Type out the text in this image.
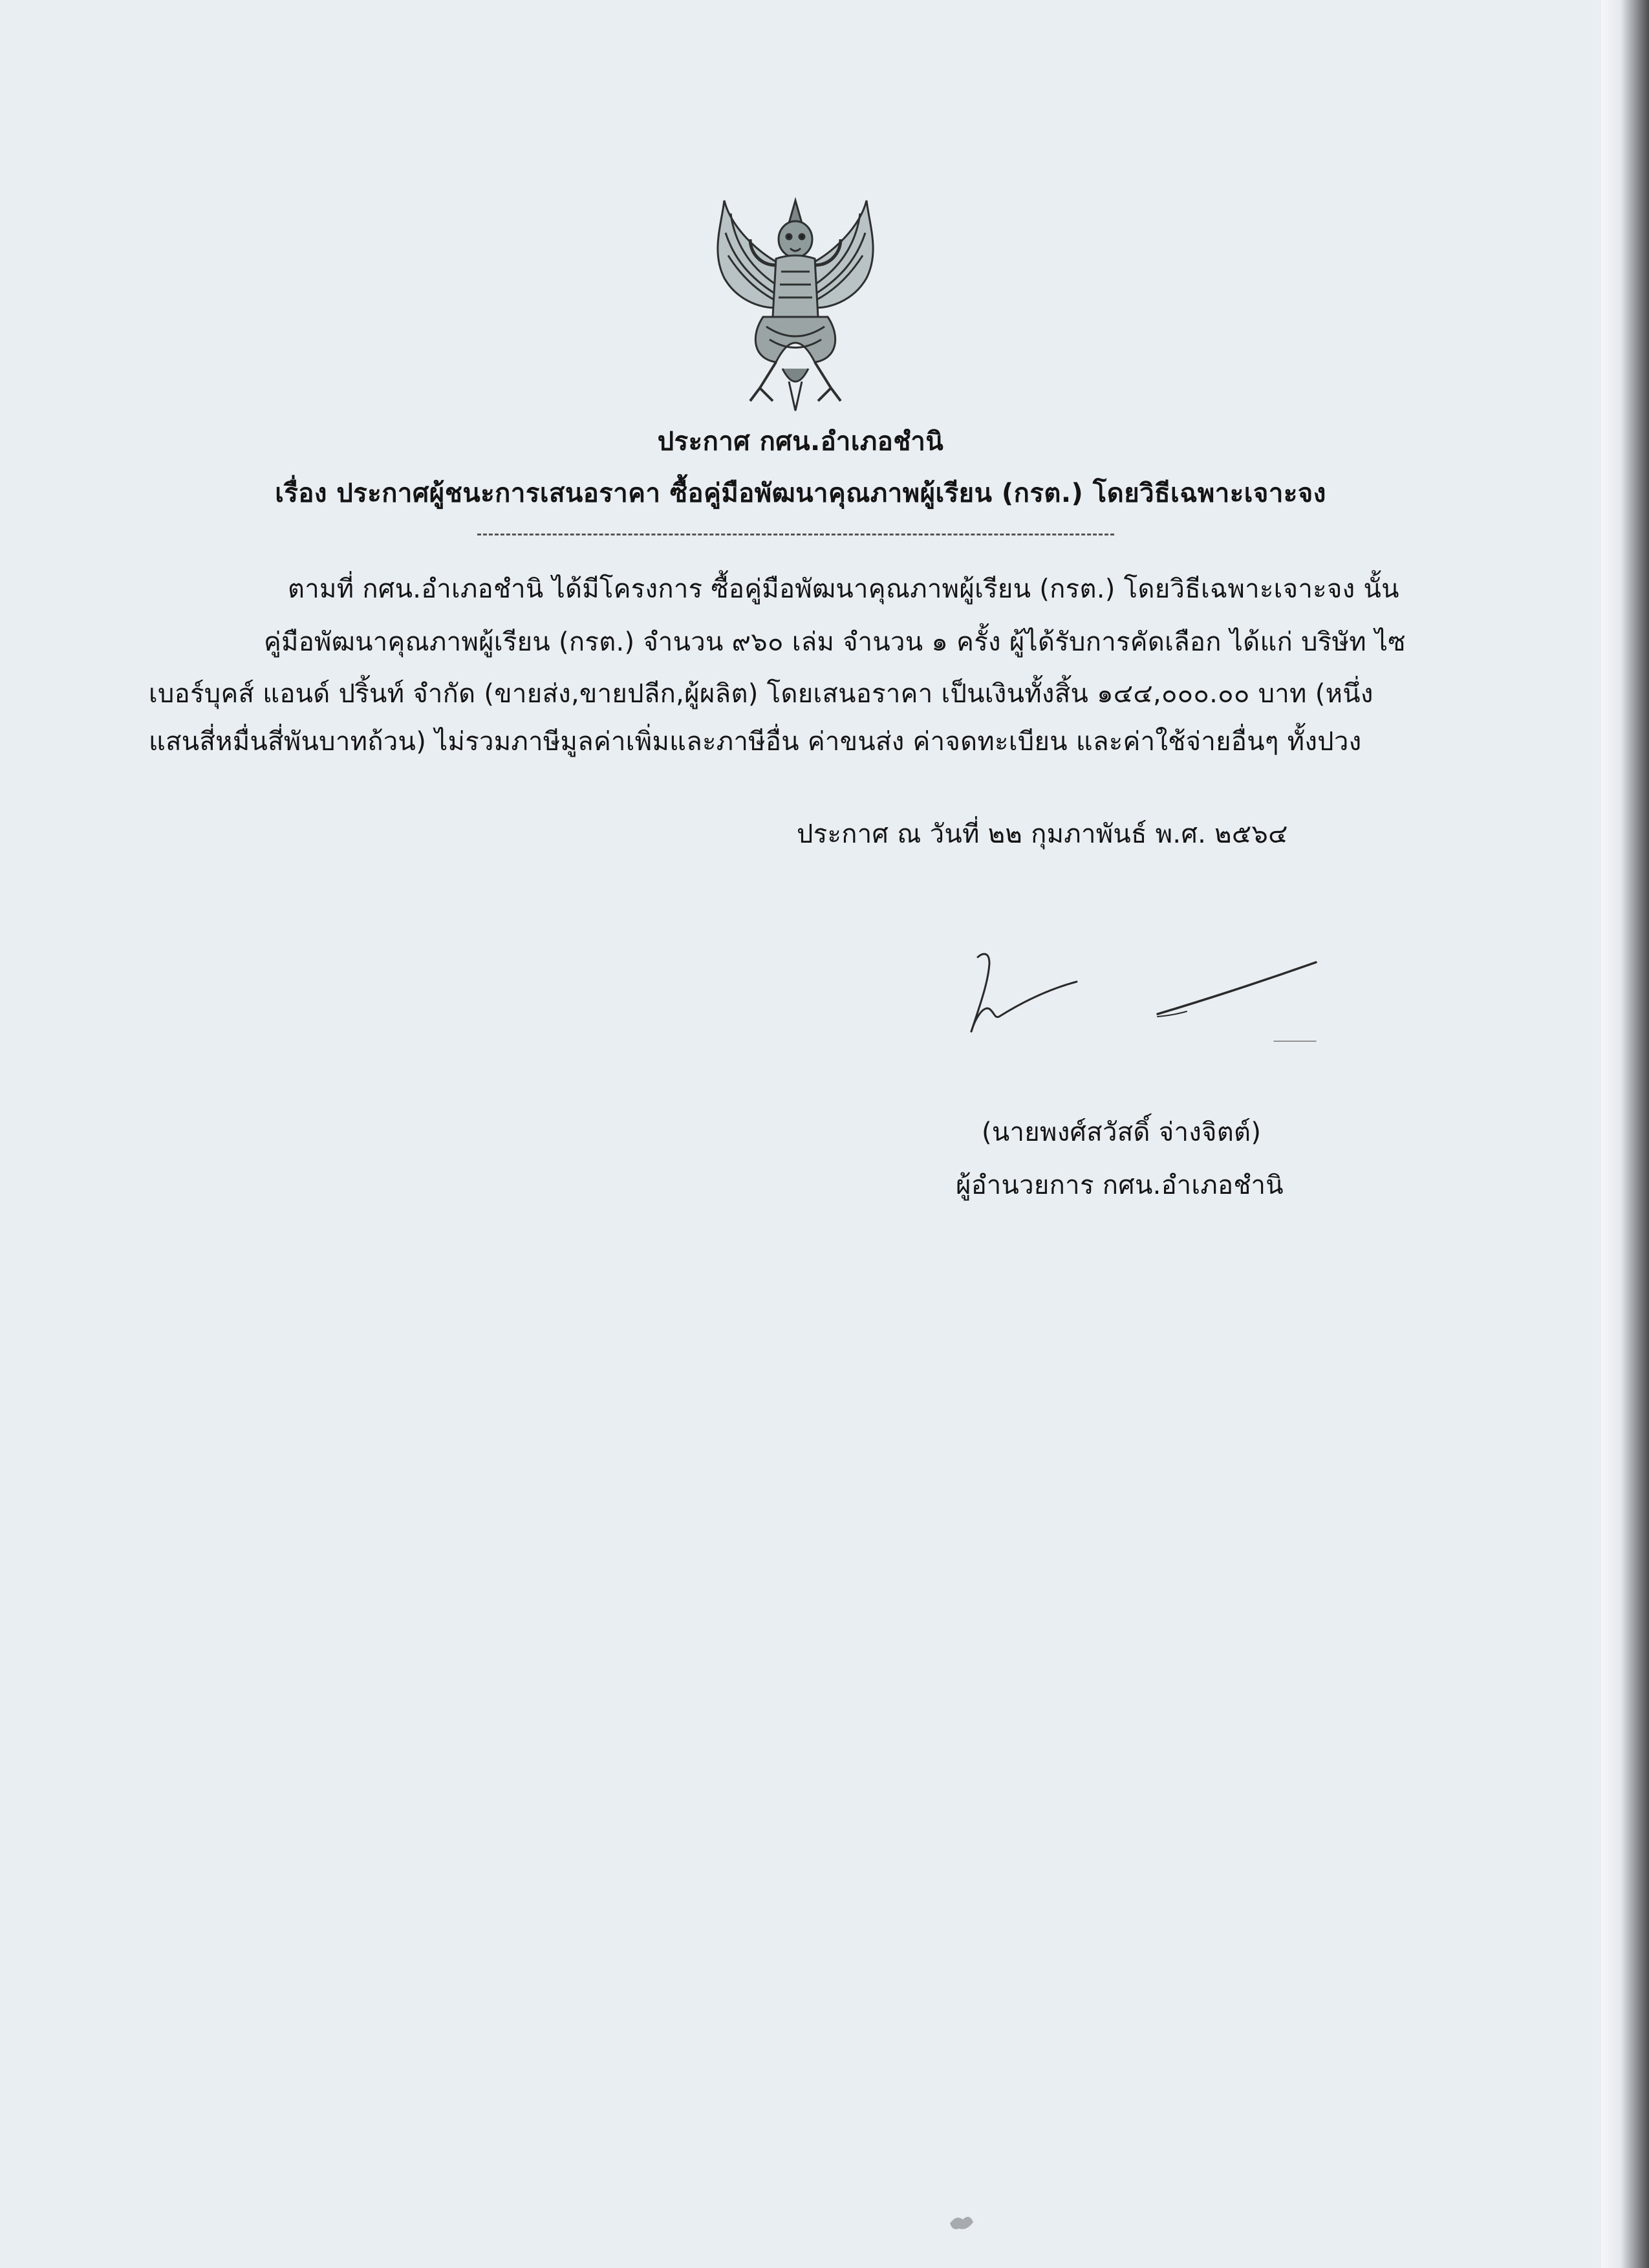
ประกาศ กศน.อำเภอชำนิ
เรื่อง ประกาศผู้ชนะการเสนอราคา ซื้อคู่มือพัฒนาคุณภาพผู้เรียน (กรต.) โดยวิธีเฉพาะเจาะจง
ตามที่ กศน.อำเภอชำนิ ได้มีโครงการ ซื้อคู่มือพัฒนาคุณภาพผู้เรียน (กรต.) โดยวิธีเฉพาะเจาะจง นั้น
คู่มือพัฒนาคุณภาพผู้เรียน (กรต.) จำนวน ๙๖๐ เล่ม จำนวน ๑ ครั้ง ผู้ได้รับการคัดเลือก ได้แก่ บริษัท ไซ
เบอร์บุคส์ แอนด์ ปริ้นท์ จำกัด (ขายส่ง,ขายปลีก,ผู้ผลิต) โดยเสนอราคา เป็นเงินทั้งสิ้น ๑๔๔,๐๐๐.๐๐ บาท (หนึ่ง
แสนสี่หมื่นสี่พันบาทถ้วน) ไม่รวมภาษีมูลค่าเพิ่มและภาษีอื่น ค่าขนส่ง ค่าจดทะเบียน และค่าใช้จ่ายอื่นๆ ทั้งปวง
ประกาศ ณ วันที่ ๒๒ กุมภาพันธ์ พ.ศ. ๒๕๖๔
(นายพงศ์สวัสดิ์ จ่างจิตต์)
ผู้อำนวยการ กศน.อำเภอชำนิ
